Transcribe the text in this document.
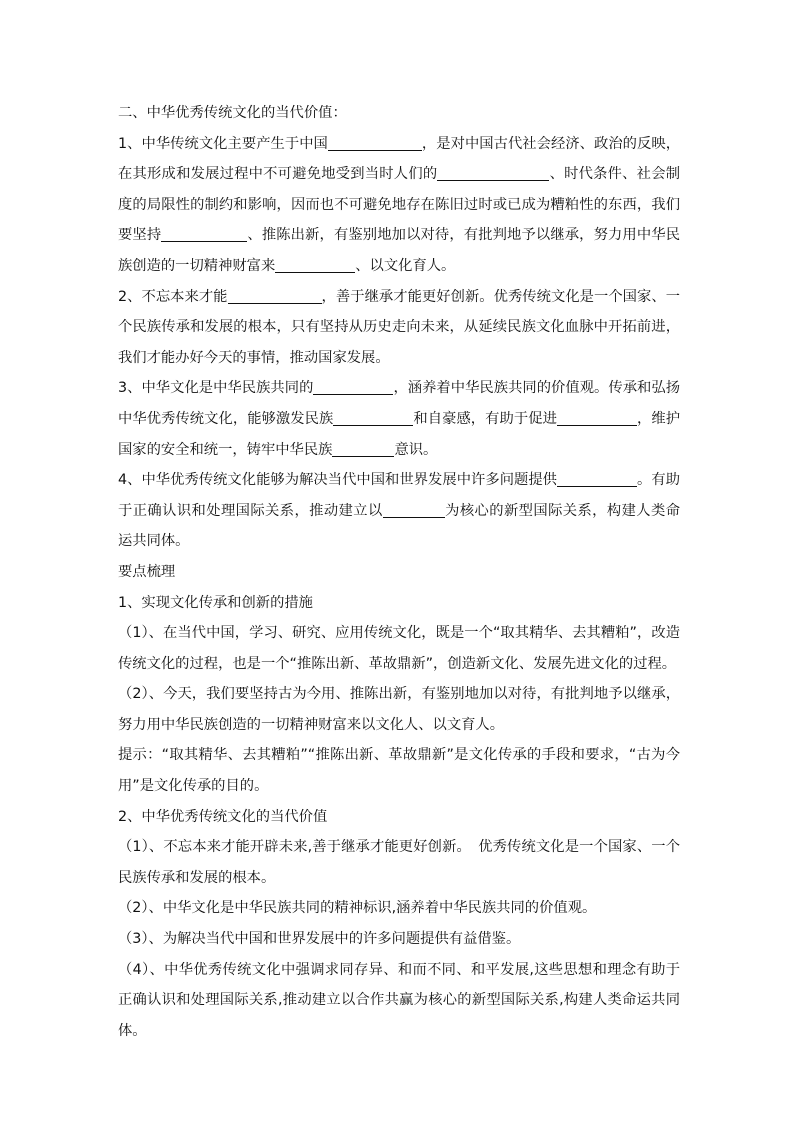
二、中华优秀传统文化的当代价值：

1、中华传统文化主要产生于中国	，是对中国古代社会经济、政治的反映，在其形成和发展过程中不可避免地受到当时人们的	、时代条件、社会制度的局限性的制约和影响，因而也不可避免地存在陈旧过时或已成为糟粕性的东西，我们要坚持	、推陈出新，有鉴别地加以对待，有批判地予以继承，努力用中华民族创造的一切精神财富来	、以文化育人。

2、不忘本来才能	，善于继承才能更好创新。优秀传统文化是一个国家、一个民族传承和发展的根本，只有坚持从历史走向未来，从延续民族文化血脉中开拓前进，我们才能办好今天的事情，推动国家发展。

3、中华文化是中华民族共同的	，涵养着中华民族共同的价值观。传承和弘扬中华优秀传统文化，能够激发民族	和自豪感，有助于促进	，维护国家的安全和统一，铸牢中华民族	意识。

4、中华优秀传统文化能够为解决当代中国和世界发展中许多问题提供	。有助于正确认识和处理国际关系，推动建立以	为核心的新型国际关系，构建人类命运共同体。

要点梳理

1、实现文化传承和创新的措施

（1）、在当代中国，学习、研究、应用传统文化，既是一个“取其精华、去其糟粕”，改造传统文化的过程，也是一个“推陈出新、革故鼎新”，创造新文化、发展先进文化的过程。

（2）、今天，我们要坚持古为今用、推陈出新，有鉴别地加以对待，有批判地予以继承，努力用中华民族创造的一切精神财富来以文化人、以文育人。

提示：“取其精华、去其糟粕”“推陈出新、革故鼎新”是文化传承的手段和要求，“古为今用”是文化传承的目的。

2、中华优秀传统文化的当代价值

（1）、不忘本来才能开辟未来,善于继承才能更好创新。　优秀传统文化是一个国家、一个民族传承和发展的根本。

（2）、中华文化是中华民族共同的精神标识,涵养着中华民族共同的价值观。

（3）、为解决当代中国和世界发展中的许多问题提供有益借鉴。

（4）、中华优秀传统文化中强调求同存异、和而不同、和平发展,这些思想和理念有助于正确认识和处理国际关系,推动建立以合作共赢为核心的新型国际关系,构建人类命运共同体。
